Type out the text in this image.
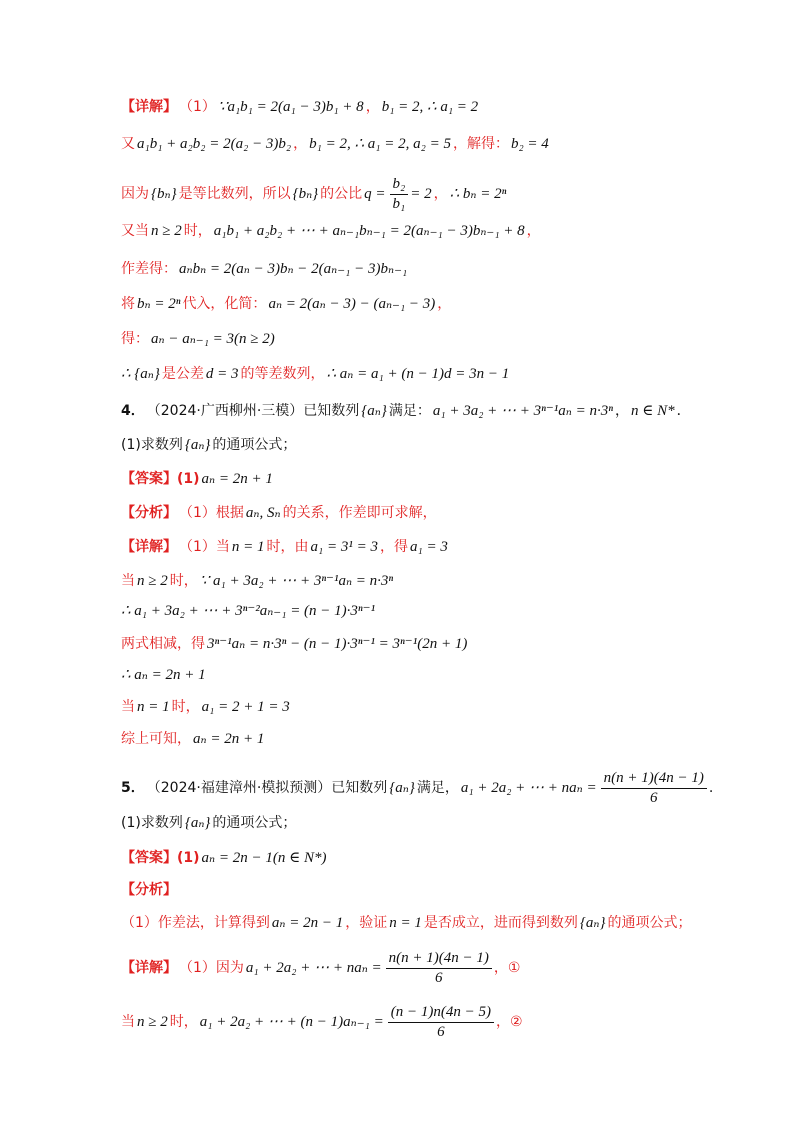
【详解】 （1） ∵a₁b₁ = 2(a₁ − 3)b₁ + 8 ， b₁ = 2, ∴ a₁ = 2
又 a₁b₁ + a₂b₂ = 2(a₂ − 3)b₂ ， b₁ = 2, ∴ a₁ = 2, a₂ = 5 ，解得： b₂ = 4
因为 {bₙ} 是等比数列，所以 {bₙ} 的公比 $q = \frac{\text{b₂}}{\text{b₁}} = 2$ ， ∴ bₙ = 2ⁿ
又当 n ≥ 2 时， a₁b₁ + a₂b₂ + ⋯ + aₙ₋₁bₙ₋₁ = 2(aₙ₋₁ − 3)bₙ₋₁ + 8 ，
作差得： aₙbₙ = 2(aₙ − 3)bₙ − 2(aₙ₋₁ − 3)bₙ₋₁
将 bₙ = 2ⁿ 代入，化简： aₙ = 2(aₙ − 3) − (aₙ₋₁ − 3) ，
得： aₙ − aₙ₋₁ = 3(n ≥ 2)
∴ {aₙ} 是公差 d = 3 的等差数列， ∴ aₙ = a₁ + (n − 1)d = 3n − 1
4． （2024·广西柳州·三模）已知数列 {aₙ} 满足： a₁ + 3a₂ + ⋯ + 3ⁿ⁻¹aₙ = n·3ⁿ ， n ∈ N* ．
(1)求数列 {aₙ} 的通项公式；
【答案】(1) aₙ = 2n + 1
【分析】 （1）根据 aₙ, Sₙ 的关系，作差即可求解，
【详解】 （1）当 n = 1 时，由 a₁ = 3¹ = 3 ，得 a₁ = 3
当 n ≥ 2 时， ∵ a₁ + 3a₂ + ⋯ + 3ⁿ⁻¹aₙ = n·3ⁿ
∴ a₁ + 3a₂ + ⋯ + 3ⁿ⁻²aₙ₋₁ = (n − 1)·3ⁿ⁻¹
两式相减，得 3ⁿ⁻¹aₙ = n·3ⁿ − (n − 1)·3ⁿ⁻¹ = 3ⁿ⁻¹(2n + 1)
∴ aₙ = 2n + 1
当 n = 1 时， a₁ = 2 + 1 = 3
综上可知， aₙ = 2n + 1
5． （2024·福建漳州·模拟预测）已知数列 {aₙ} 满足， a₁ + 2a₂ + ⋯ + $na_n = \frac{n(n + 1)(4n - 1)}{6}$ .
(1)求数列 {aₙ} 的通项公式；
【答案】(1) aₙ = 2n − 1(n ∈ N*)
【分析】
（1）作差法，计算得到 aₙ = 2n − 1 ，验证 n = 1 是否成立，进而得到数列 {aₙ} 的通项公式；
【详解】 （1）因为 a₁ + 2a₂ + ⋯ + $na_n = \frac{n(n + 1)(4n - 1)}{6}$ ，①
当 n ≥ 2 时， a₁ + 2a₂ + ⋯ + $(n - 1)a_{n-1} = \frac{(n - 1)n(4n - 5)}{6}$ ，②
